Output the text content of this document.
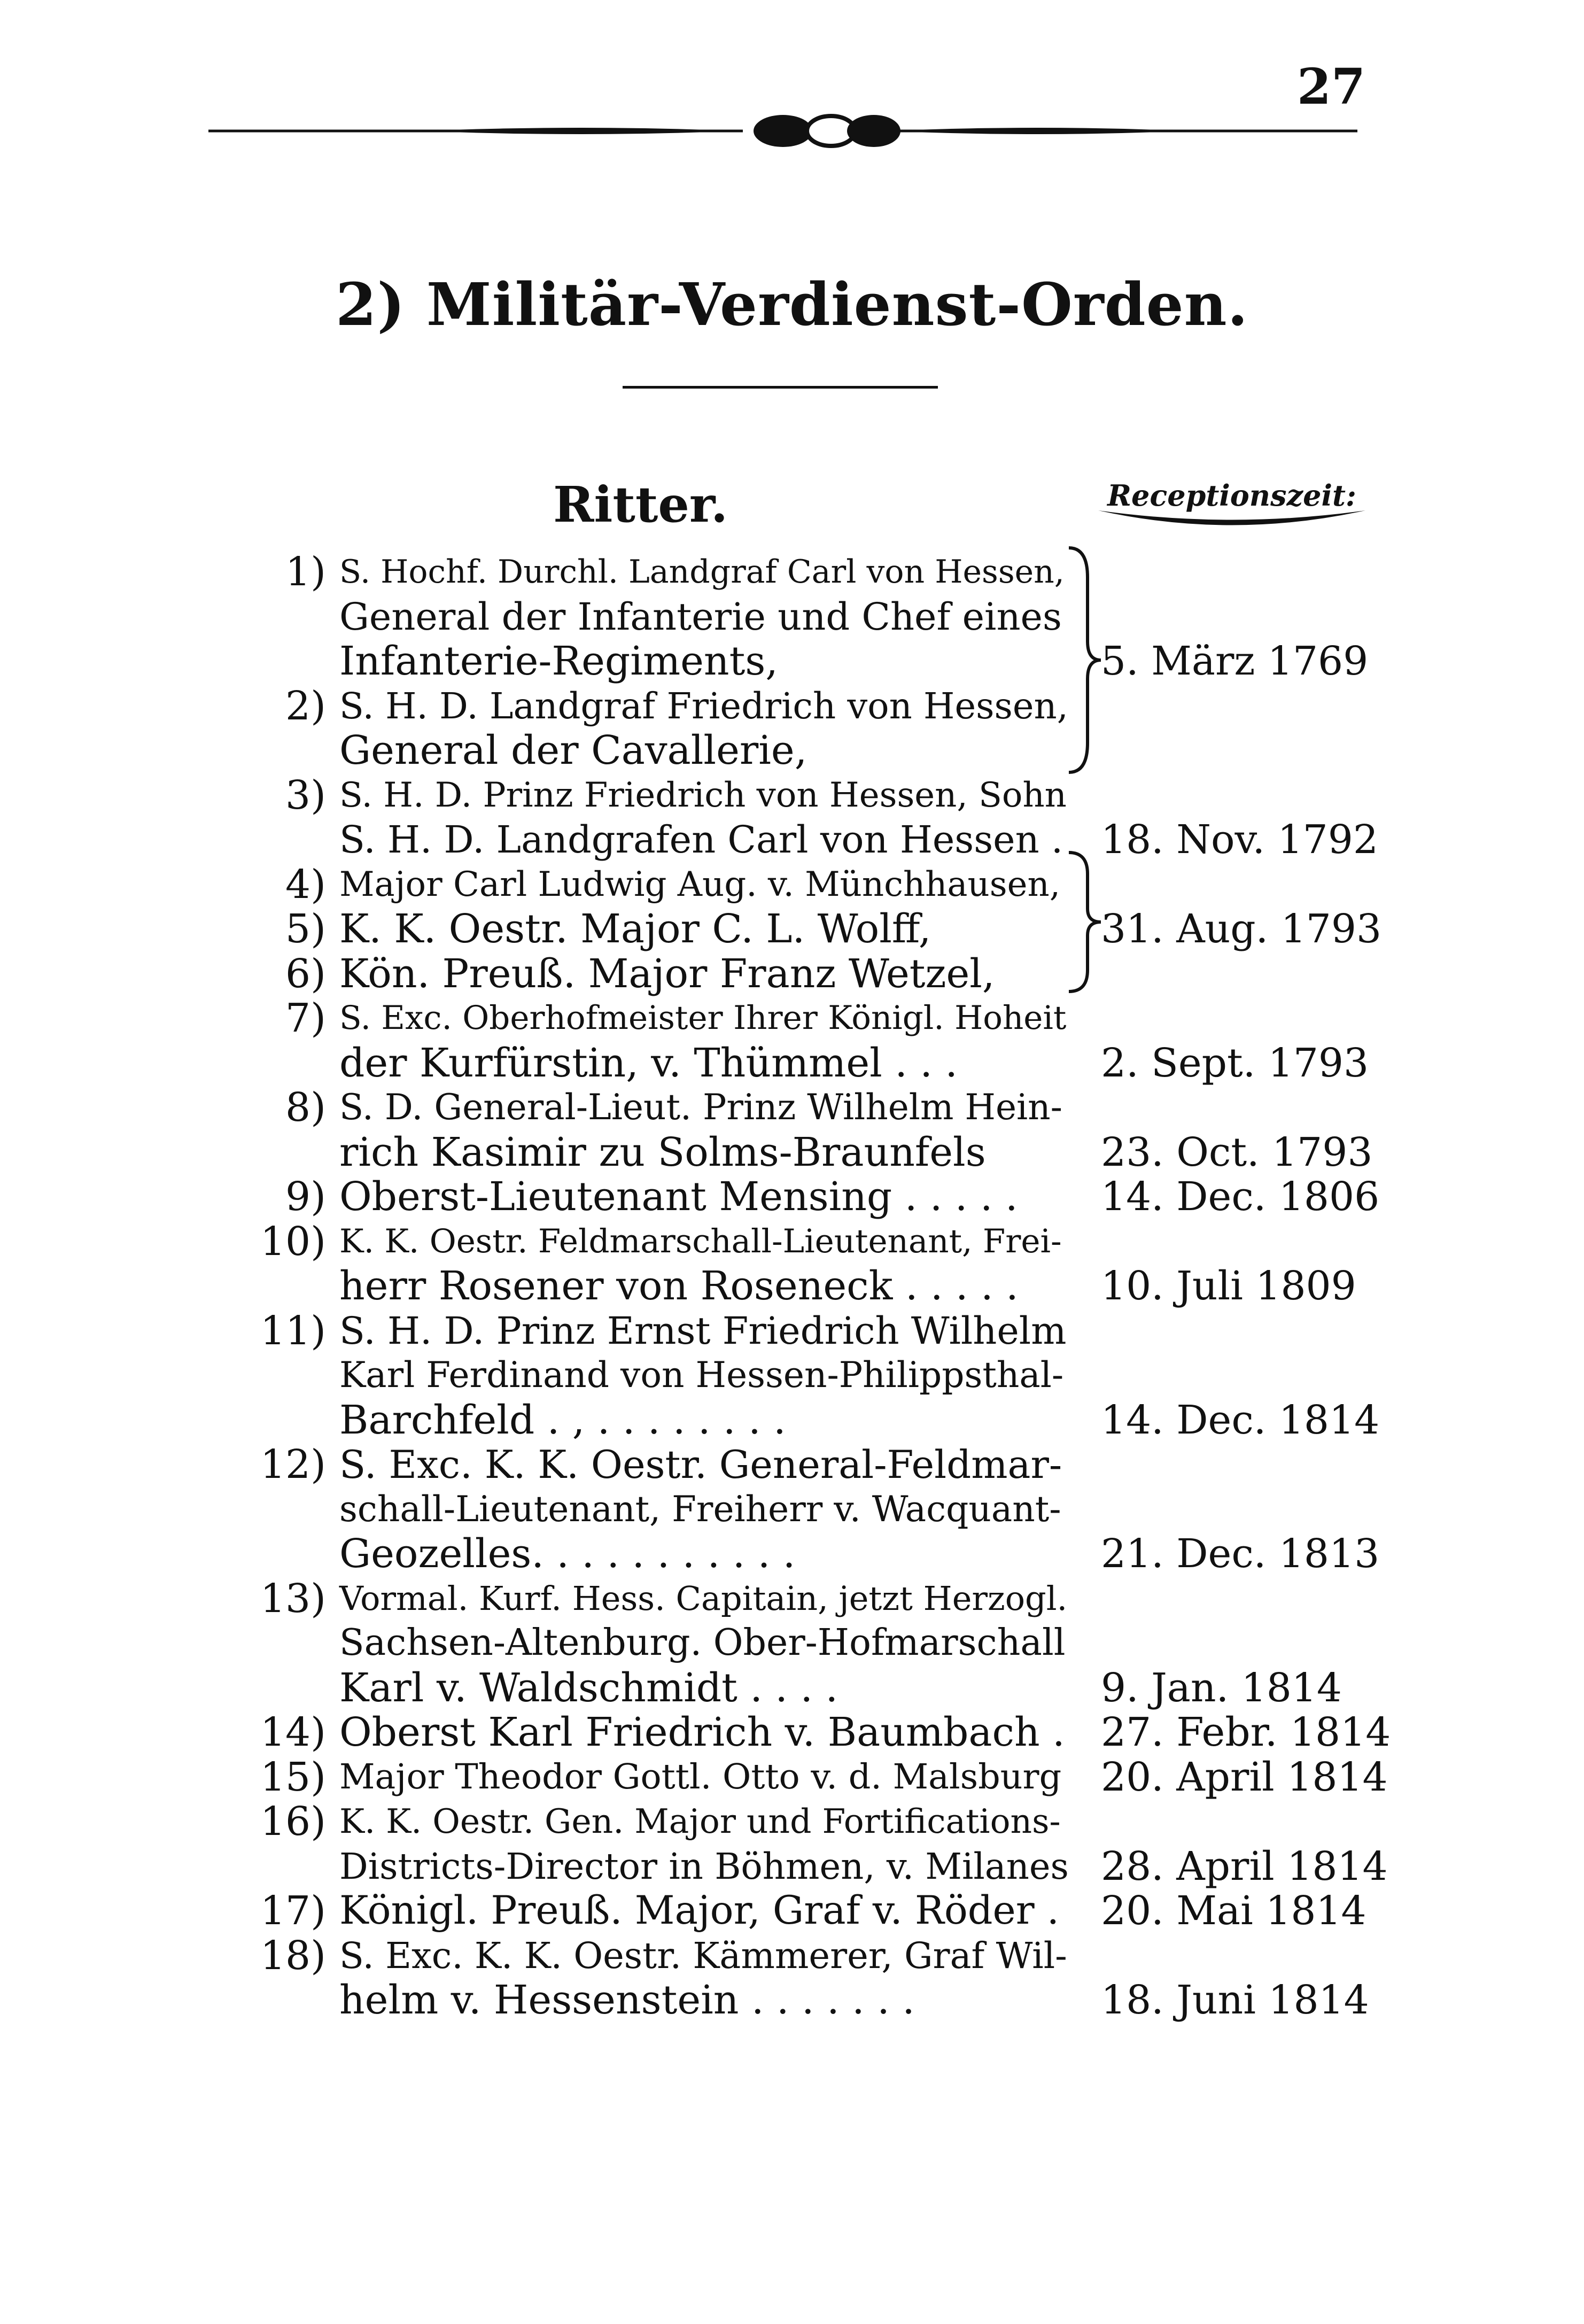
27
2) Militär-Verdienst-Orden.
Ritter.	Receptionszeit:
1) S. Hochf. Durchl. Landgraf Carl von Hessen,
General der Infanterie und Chef eines
Infanterie-Regiments,	5. März 1769
2) S. H. D. Landgraf Friedrich von Hessen,
General der Cavallerie,
3) S. H. D. Prinz Friedrich von Hessen, Sohn
S. H. D. Landgrafen Carl von Hessen . 18. Nov. 1792
4) Major Carl Ludwig Aug. v. Münchhausen,
5) K. K. Oestr. Major C. L. Wolff,	31. Aug. 1793
6) Kön. Preuß. Major Franz Wetzel,
7) S. Exc. Oberhofmeister Ihrer Königl. Hoheit
der Kurfürstin, v. Thümmel . . .	2. Sept. 1793
8) S. D. General-Lieut. Prinz Wilhelm Hein-
rich Kasimir zu Solms-Braunfels	23. Oct. 1793
9) Oberst-Lieutenant Mensing . . . . . 14. Dec. 1806
10) K. K. Oestr. Feldmarschall-Lieutenant, Frei-
herr Rosener von Roseneck . . . . . 10. Juli 1809
11) S. H. D. Prinz Ernst Friedrich Wilhelm
Karl Ferdinand von Hessen-Philippsthal-
Barchfeld . , . . . . . . . .	14. Dec. 1814
12) S. Exc. K. K. Oestr. General-Feldmar-
schall-Lieutenant, Freiherr v. Wacquant-
Geozelles. . . . . . . . . . .	21. Dec. 1813
13) Vormal. Kurf. Hess. Capitain, jetzt Herzogl.
Sachsen-Altenburg. Ober-Hofmarschall
Karl v. Waldschmidt . . . .	9. Jan. 1814
14) Oberst Karl Friedrich v. Baumbach . 27. Febr. 1814
15) Major Theodor Gottl. Otto v. d. Malsburg 20. April 1814
16) K. K. Oestr. Gen. Major und Fortifications-
Districts-Director in Böhmen, v. Milanes 28. April 1814
17) Königl. Preuß. Major, Graf v. Röder . 20. Mai 1814
18) S. Exc. K. K. Oestr. Kämmerer, Graf Wil-
helm v. Hessenstein . . . . . . .	18. Juni 1814
